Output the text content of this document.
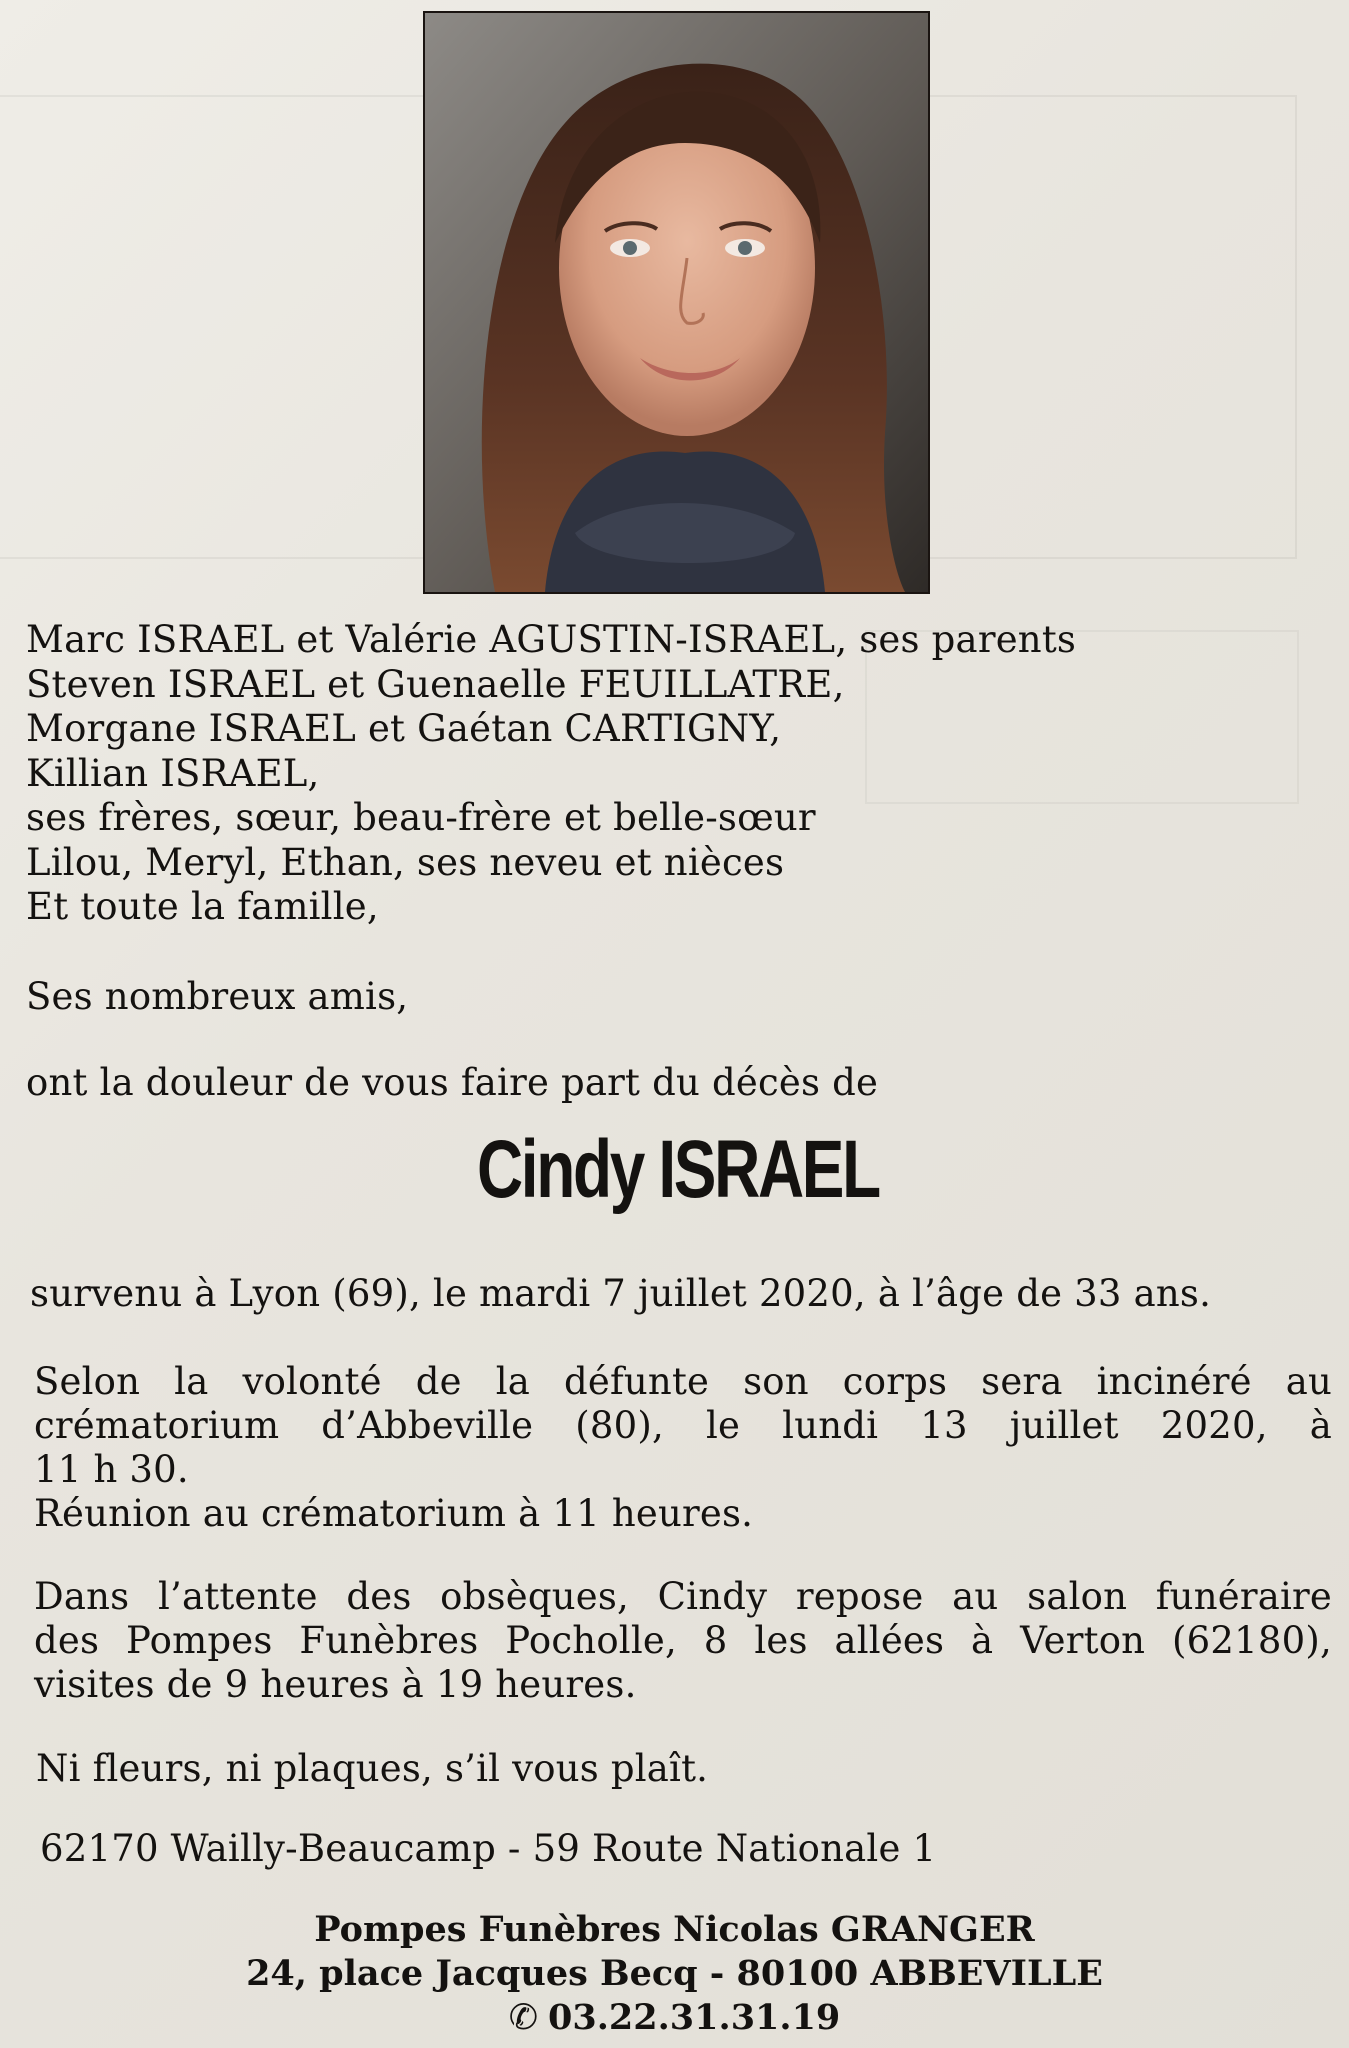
Marc ISRAEL et Valérie AGUSTIN-ISRAEL, ses parents
Steven ISRAEL et Guenaelle FEUILLATRE,
Morgane ISRAEL et Gaétan CARTIGNY,
Killian ISRAEL,
ses frères, sœur, beau-frère et belle-sœur
Lilou, Meryl, Ethan, ses neveu et nièces
Et toute la famille,
Ses nombreux amis,
ont la douleur de vous faire part du décès de
Cindy ISRAEL
survenu à Lyon (69), le mardi 7 juillet 2020, à l’âge de 33 ans.
Selon la volonté de la défunte son corps sera incinéré au
crématorium d’Abbeville (80), le lundi 13 juillet 2020, à
11 h 30.
Réunion au crématorium à 11 heures.
Dans l’attente des obsèques, Cindy repose au salon funéraire
des Pompes Funèbres Pocholle, 8 les allées à Verton (62180),
visites de 9 heures à 19 heures.
Ni fleurs, ni plaques, s’il vous plaît.
62170 Wailly-Beaucamp - 59 Route Nationale 1
Pompes Funèbres Nicolas GRANGER
24, place Jacques Becq - 80100 ABBEVILLE
✆ 03.22.31.31.19
